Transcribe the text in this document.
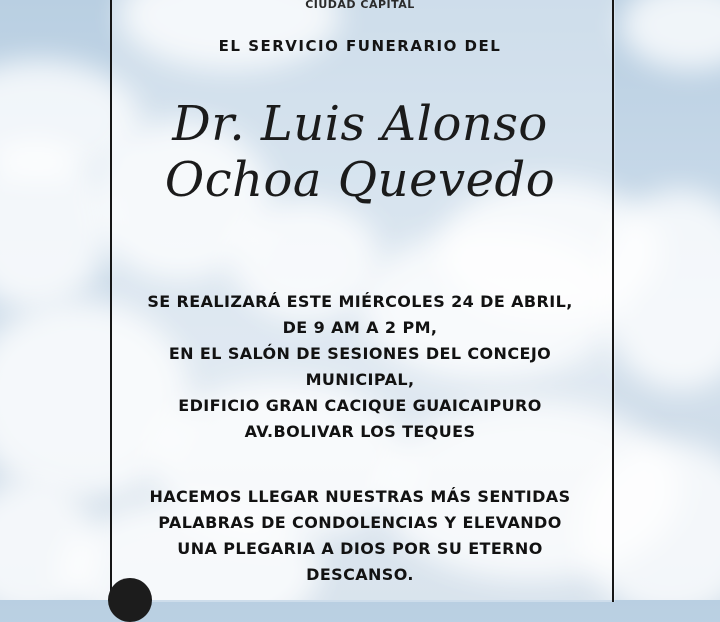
CIUDAD CAPITAL
EL SERVICIO FUNERARIO DEL
Dr. Luis Alonso
Ochoa Quevedo
SE REALIZARÁ ESTE MIÉRCOLES 24 DE ABRIL,
DE 9 AM A 2 PM,
EN EL SALÓN DE SESIONES DEL CONCEJO
MUNICIPAL,
EDIFICIO GRAN CACIQUE GUAICAIPURO
AV.BOLIVAR LOS TEQUES
HACEMOS LLEGAR NUESTRAS MÁS SENTIDAS
PALABRAS DE CONDOLENCIAS Y ELEVANDO
UNA PLEGARIA A DIOS POR SU ETERNO
DESCANSO.
